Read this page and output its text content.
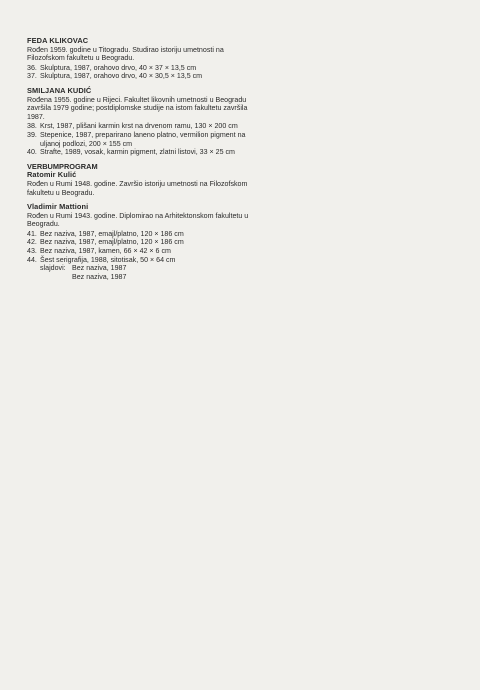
FEDA KLIKOVAC

Rođen 1959. godine u Titogradu. Studirao istoriju umetnosti na Filozofskom fakultetu u Beogradu.

36. Skulptura, 1987, orahovo drvo, 40 × 37 × 13,5 cm
37. Skulptura, 1987, orahovo drvo, 40 × 30,5 × 13,5 cm
SMILJANA KUDIĆ

Rođena 1955. godine u Rijeci. Fakultet likovnih umetnosti u Beogradu završila 1979 godine; postdiplomske studije na istom fakultetu završila 1987.

38. Krst, 1987, plišani karmin krst na drvenom ramu, 130 × 200 cm
39. Stepenice, 1987, preparirano laneno platno, vermilion pigment na uljanoj podlozi, 200 × 155 cm
40. Strafte, 1989, vosak, karmin pigment, zlatni listovi, 33 × 25 cm
VERBUMPROGRAM
Ratomir Kulić

Rođen u Rumi 1948. godine. Završio istoriju umetnosti na Filozofskom fakultetu u Beogradu.

Vladimir Mattioni

Rođen u Rumi 1943. godine. Diplomirao na Arhitektonskom fakultetu u Beogradu.

41. Bez naziva, 1987, emajl/platno, 120 × 186 cm
42. Bez naziva, 1987, emajl/platno, 120 × 186 cm
43. Bez naziva, 1987, kamen, 66 × 42 × 6 cm
44. Šest serigrafija, 1988, sitotisak, 50 × 64 cm
slajdovi: Bez naziva, 1987
Bez naziva, 1987
